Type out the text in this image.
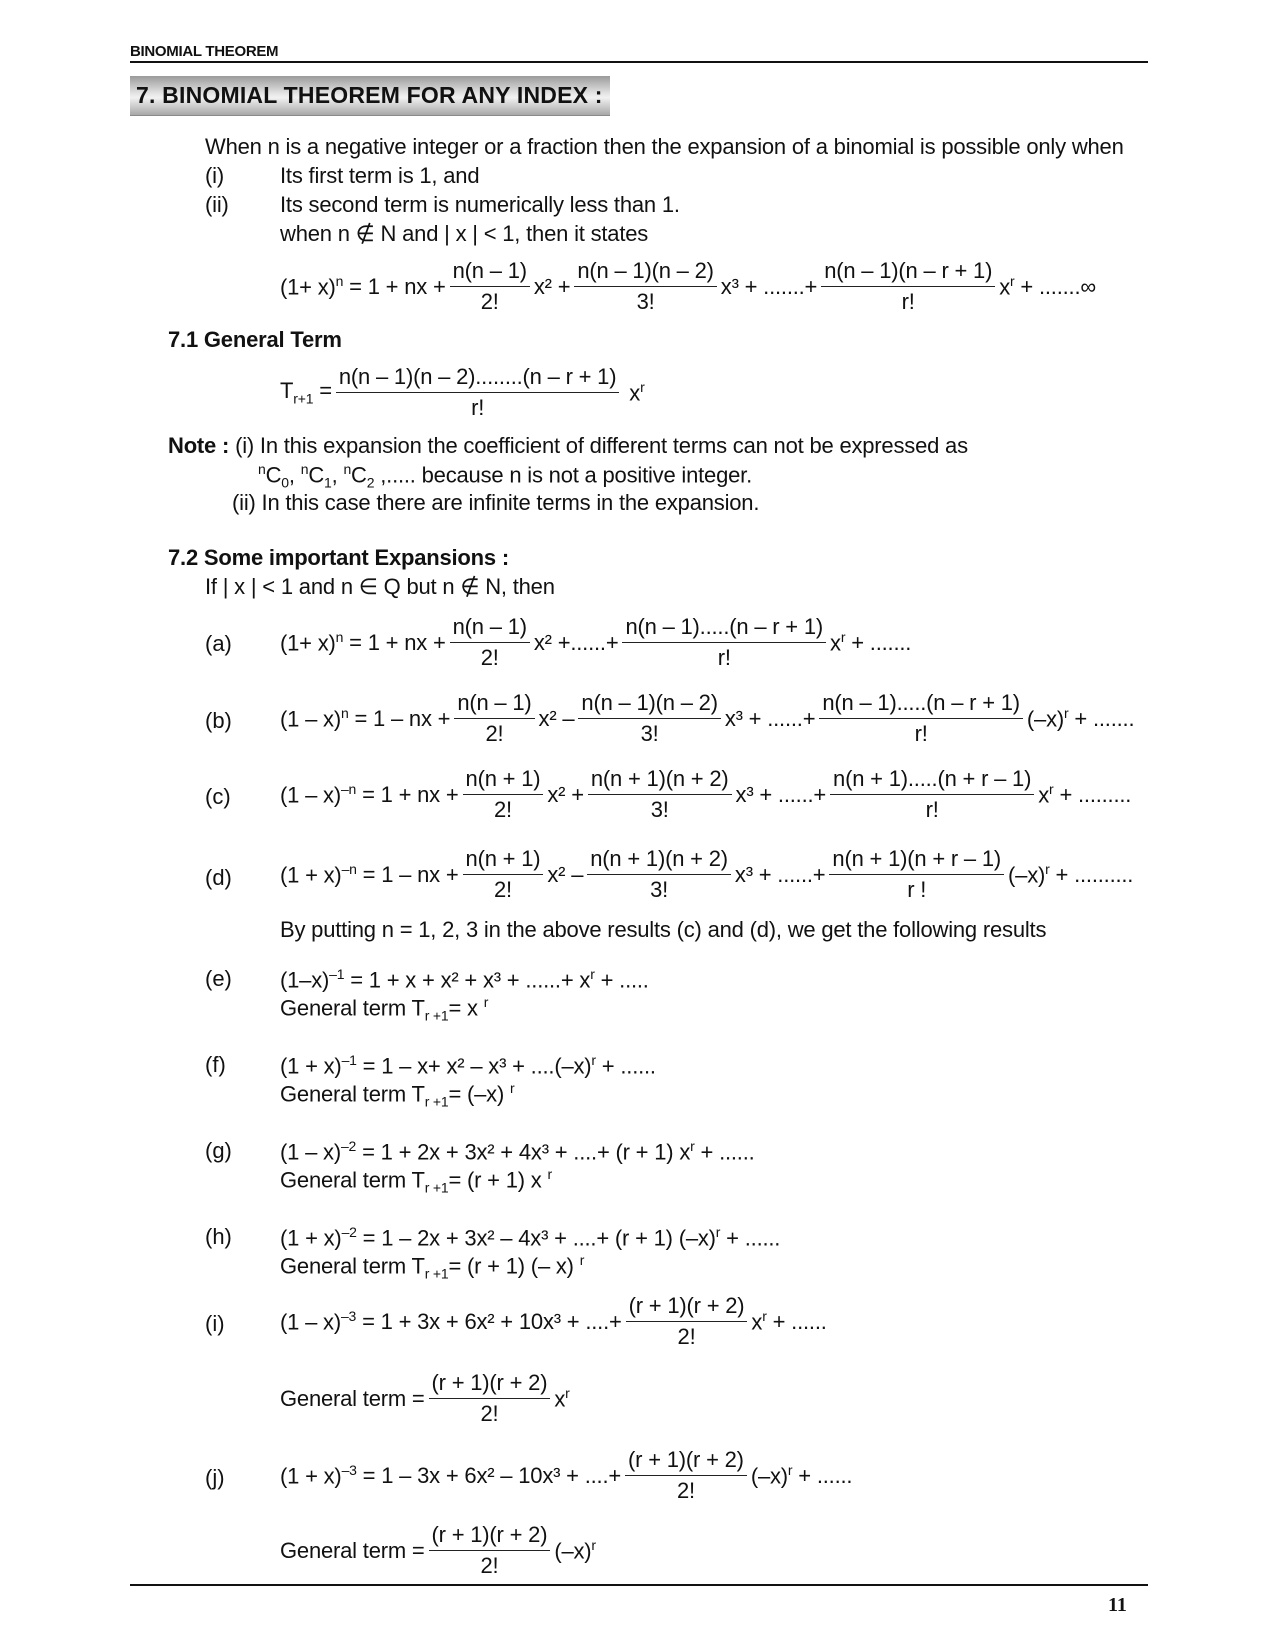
BINOMIAL THEOREM
7. BINOMIAL THEOREM FOR ANY INDEX :
When n is a negative integer or a fraction then the expansion of a binomial is possible only when
(i)	Its first term is 1, and
(ii) Its second term is numerically less than 1.
when n ∉ N and | x | < 1, then it states
$(1+ x)^n$
= 1 + nx + $\frac{n(n - 1)}{2!} x^2 + \frac{n(n - 1)(n - 2)}{3!} x^3$ + .......+ $\frac{n(n - 1)(n - r + 1)}{r!} x^r$ + .......∞
7.1 General Term
$T_{r+1} = \frac{n(n - 1)(n - 2)........(n - r + 1)}{r!} x^r$
Note : (i) In this expansion the coefficient of different terms can not be expressed as
$^nC_0$, $^nC_1$, $^nC_2$ ,..... because n is not a positive integer.
(ii) In this case there are infinite terms in the expansion.
7.2 Some important Expansions :
If | x | < 1 and n ∈ Q but n ∉ N, then
(a) $(1+ x)^n = 1$ + nx + $\frac{n(n - 1)}{2!} x^2$ +......+ $\frac{n(n - 1).....(n - r + 1)}{r!} x^r$ + .......
(b) (1 – x)$^n$ = 1 – nx + $\frac{n(n - 1)}{2!} x^2 - \frac{n(n - 1)(n - 2)}{3!} x^3$ + ......+ $\frac{n(n - 1).....(n - r + 1)}{r!} (-x)^r$ + .......
(c) (1 – x)$^{-n}$ = 1 + nx + $\frac{n(n + 1)}{2!} x^2 + \frac{n(n + 1)(n + 2)}{3!} x^3$ + ......+ $\frac{n(n + 1).....(n + r - 1)}{r!} x^r$ + .........
(d) $(1 + x)^{-n} = 1$ – nx + $\frac{n(n + 1)}{2!} x^2 - \frac{n(n + 1)(n + 2)}{3!} x^3$ + ......+ $\frac{n(n + 1)(n + r - 1)}{r !} (-x)^r$ + ..........
By putting n = 1, 2, 3 in the above results (c) and (d), we get the following results
(e) $(1-x)^{-1} = 1 + x + x^2 + x^3$ + ......+ $x^r$ + .....
General term $T_{r +1}= x$ $^r$
(f) $(1 + x)^{-1} = 1 - x+ x^2 - x^3 + ....(-x)^r$ + ......
General term $T_{r +1}= (-x)$ $^r$
(g) (1 – x)$^{-2}$ = 1 + 2x + 3x² + 4x³ + ....+ (r + 1) $x^r$ + ......
General term $T_{r +1}= (r + 1)$ x $^r$
(h) $(1 + x)^{-2} = 1 - 2x + 3x^2 - 4x^3$ + ....+ (r + 1) $(-x)^r$ + ......
General term $T_{r +1}= (r + 1)$ (– x) $^r$
(i)	(1 – x)$^{-3}$ = 1 + 3x + 6x² + 10x³ + ....+ $\frac{(r + 1)(r + 2)}{2!} x^r$ + ......
General term = $\frac{(r + 1)(r + 2)}{2!} x^r$
(j)	$(1 + x)^{-3} = 1 - 3x + 6x^2 - 10x^3$ + ....+ $\frac{(r + 1)(r + 2)}{2!} (-x)^r$ + ......
General term = $\frac{(r + 1)(r + 2)}{2!} (-x)^r$
11
